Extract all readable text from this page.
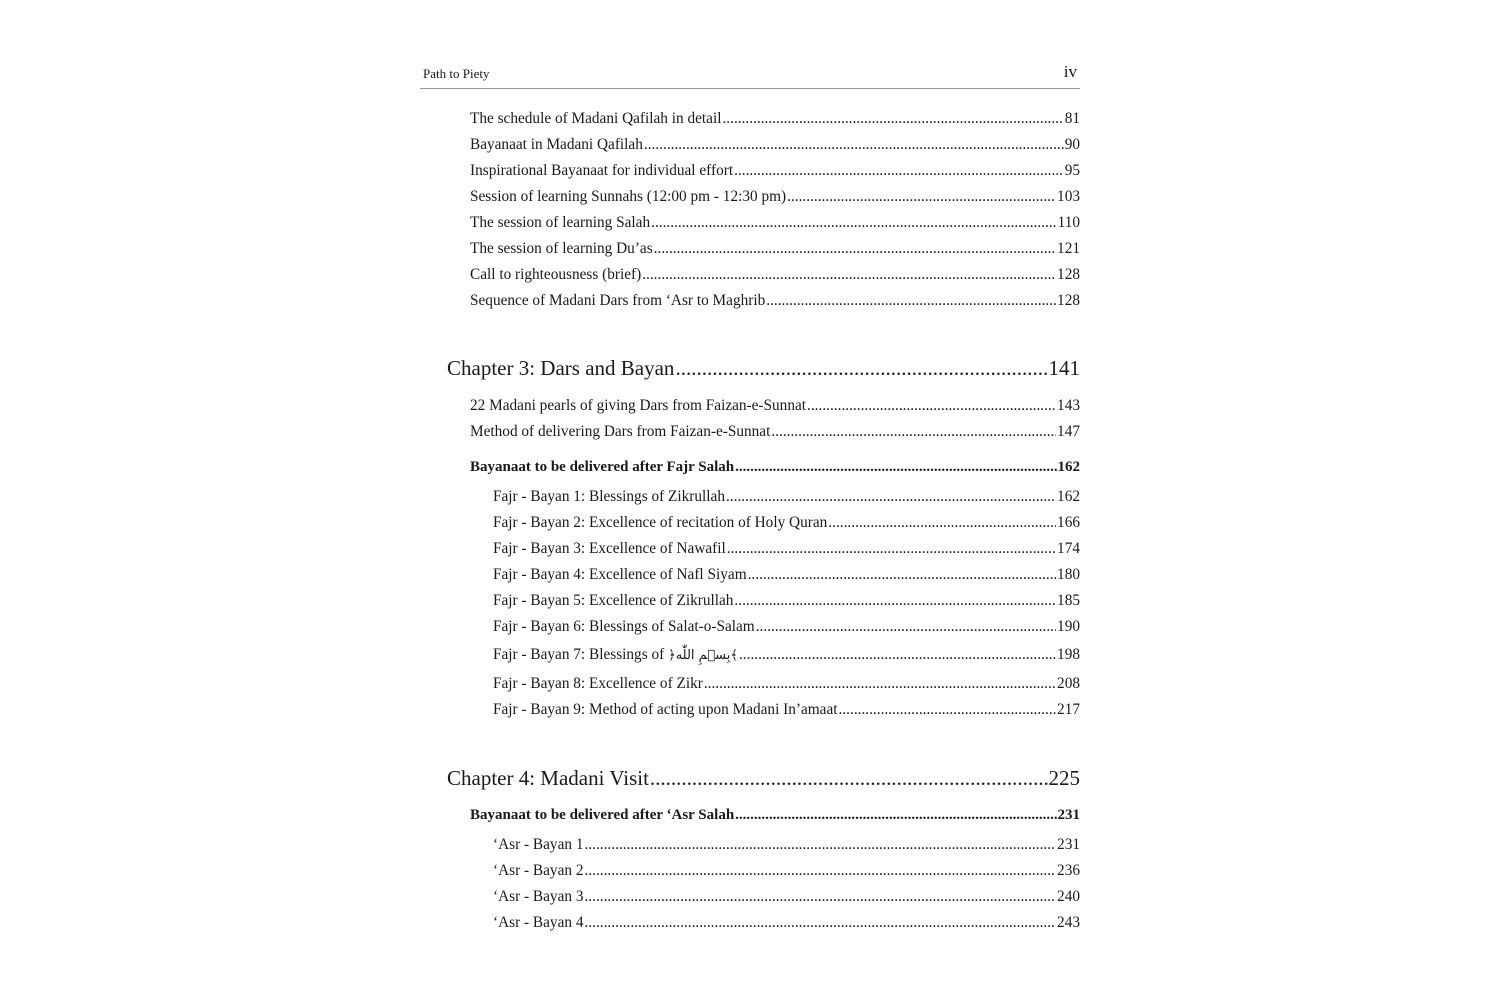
Path to Piety	iv
The schedule of Madani Qafilah in detail .....	81
Bayanaat in Madani Qafilah .....	90
Inspirational Bayanaat for individual effort .....	95
Session of learning Sunnahs (12:00 pm - 12:30 pm) .....	103
The session of learning Salah .....	110
The session of learning Du’as .....	121
Call to righteousness (brief) .....	128
Sequence of Madani Dars from ‘Asr to Maghrib .....	128
Chapter 3: Dars and Bayan .....	141
22 Madani pearls of giving Dars from Faizan-e-Sunnat .....	143
Method of delivering Dars from Faizan-e-Sunnat .....	147
Bayanaat to be delivered after Fajr Salah .....	162
Fajr - Bayan 1: Blessings of Zikrullah .....	162
Fajr - Bayan 2: Excellence of recitation of Holy Quran .....	166
Fajr - Bayan 3: Excellence of Nawafil .....	174
Fajr - Bayan 4: Excellence of Nafl Siyam .....	180
Fajr - Bayan 5: Excellence of Zikrullah .....	185
Fajr - Bayan 6: Blessings of Salat-o-Salam .....	190
Fajr - Bayan 7: Blessings of ﴿بِسۡمِ اللّٰه﴾ .....	198
Fajr - Bayan 8: Excellence of Zikr .....	208
Fajr - Bayan 9: Method of acting upon Madani In’amaat .....	217
Chapter 4: Madani Visit .....	225
Bayanaat to be delivered after ‘Asr Salah .....	231
‘Asr - Bayan 1 .....	231
‘Asr - Bayan 2 .....	236
‘Asr - Bayan 3 .....	240
‘Asr - Bayan 4 .....	243
